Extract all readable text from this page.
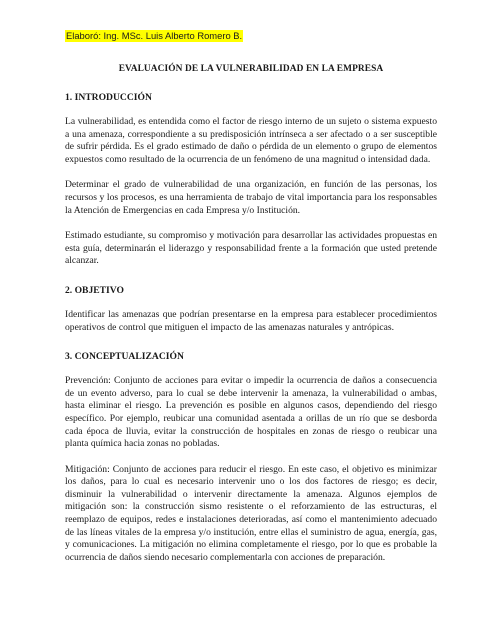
Elaboró: Ing. MSc. Luis Alberto Romero B.
EVALUACIÓN DE LA VULNERABILIDAD EN LA EMPRESA
1. INTRODUCCIÓN

La vulnerabilidad, es entendida como el factor de riesgo interno de un sujeto o sistema expuesto a una amenaza, correspondiente a su predisposición intrínseca a ser afectado o a ser susceptible de sufrir pérdida. Es el grado estimado de daño o pérdida de un elemento o grupo de elementos expuestos como resultado de la ocurrencia de un fenómeno de una magnitud o intensidad dada.

Determinar el grado de vulnerabilidad de una organización, en función de las personas, los recursos y los procesos, es una herramienta de trabajo de vital importancia para los responsables la Atención de Emergencias en cada Empresa y/o Institución.

Estimado estudiante, su compromiso y motivación para desarrollar las actividades propuestas en esta guía, determinarán el liderazgo y responsabilidad frente a la formación que usted pretende alcanzar.

2. OBJETIVO

Identificar las amenazas que podrían presentarse en la empresa para establecer procedimientos operativos de control que mitiguen el impacto de las amenazas naturales y antrópicas.

3. CONCEPTUALIZACIÓN

Prevención: Conjunto de acciones para evitar o impedir la ocurrencia de daños a consecuencia de un evento adverso, para lo cual se debe intervenir la amenaza, la vulnerabilidad o ambas, hasta eliminar el riesgo. La prevención es posible en algunos casos, dependiendo del riesgo específico. Por ejemplo, reubicar una comunidad asentada a orillas de un río que se desborda cada época de lluvia, evitar la construcción de hospitales en zonas de riesgo o reubicar una planta química hacia zonas no pobladas.

Mitigación: Conjunto de acciones para reducir el riesgo. En este caso, el objetivo es minimizar los daños, para lo cual es necesario intervenir uno o los dos factores de riesgo; es decir, disminuir la vulnerabilidad o intervenir directamente la amenaza. Algunos ejemplos de mitigación son: la construcción sismo resistente o el reforzamiento de las estructuras, el reemplazo de equipos, redes e instalaciones deterioradas, así como el mantenimiento adecuado de las líneas vitales de la empresa y/o institución, entre ellas el suministro de agua, energía, gas, y comunicaciones. La mitigación no elimina completamente el riesgo, por lo que es probable la ocurrencia de daños siendo necesario complementarla con acciones de preparación.
